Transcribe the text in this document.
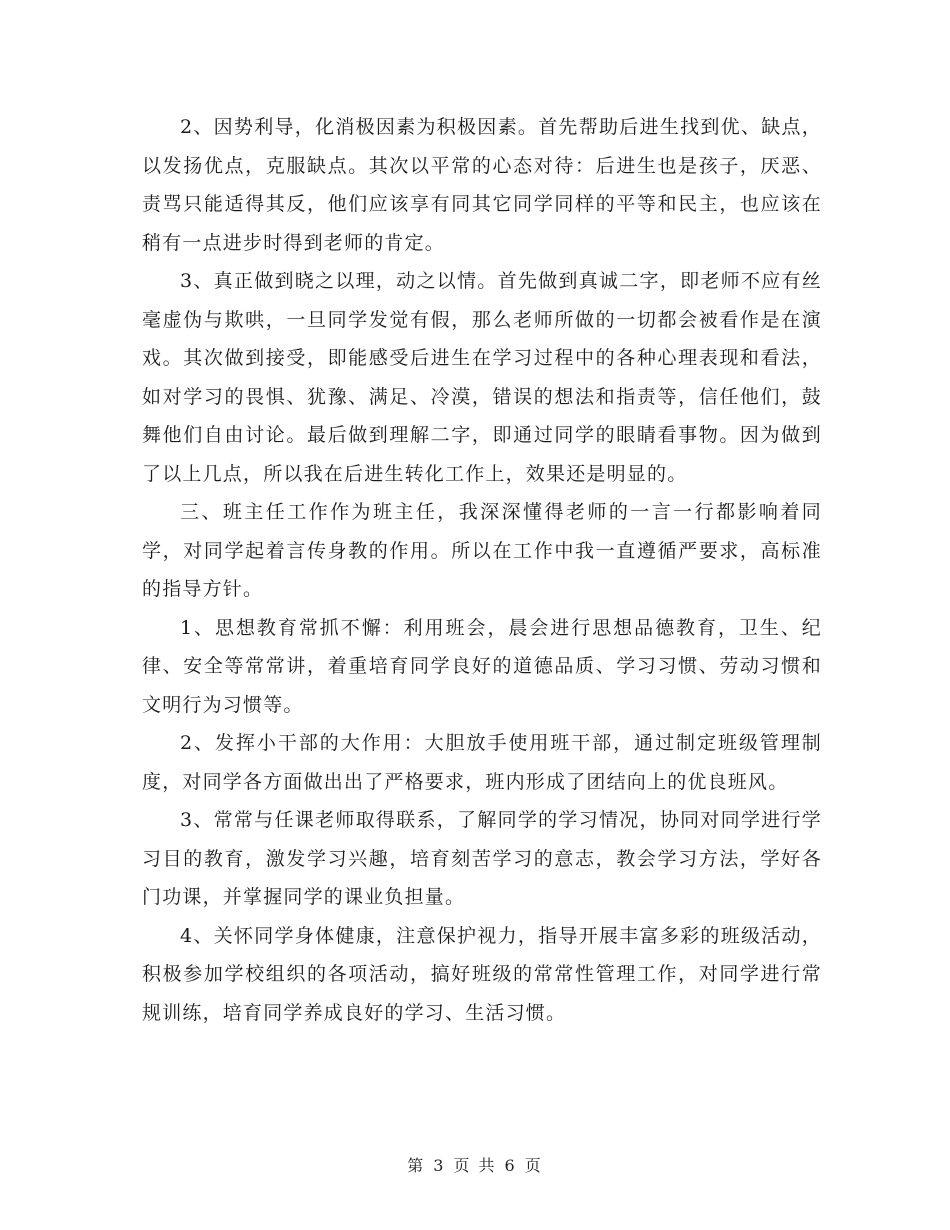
2、因势利导，化消极因素为积极因素。首先帮助后进生找到优、缺点，以发扬优点，克服缺点。其次以平常的心态对待：后进生也是孩子，厌恶、责骂只能适得其反，他们应该享有同其它同学同样的平等和民主，也应该在稍有一点进步时得到老师的肯定。

3、真正做到晓之以理，动之以情。首先做到真诚二字，即老师不应有丝毫虚伪与欺哄，一旦同学发觉有假，那么老师所做的一切都会被看作是在演戏。其次做到接受，即能感受后进生在学习过程中的各种心理表现和看法，如对学习的畏惧、犹豫、满足、冷漠，错误的想法和指责等，信任他们，鼓舞他们自由讨论。最后做到理解二字，即通过同学的眼睛看事物。因为做到了以上几点，所以我在后进生转化工作上，效果还是明显的。

三、班主任工作作为班主任，我深深懂得老师的一言一行都影响着同学，对同学起着言传身教的作用。所以在工作中我一直遵循严要求，高标准的指导方针。

1、思想教育常抓不懈：利用班会，晨会进行思想品德教育，卫生、纪律、安全等常常讲，着重培育同学良好的道德品质、学习习惯、劳动习惯和文明行为习惯等。

2、发挥小干部的大作用：大胆放手使用班干部，通过制定班级管理制度，对同学各方面做出出了严格要求，班内形成了团结向上的优良班风。

3、常常与任课老师取得联系，了解同学的学习情况，协同对同学进行学习目的教育，激发学习兴趣，培育刻苦学习的意志，教会学习方法，学好各门功课，并掌握同学的课业负担量。

4、关怀同学身体健康，注意保护视力，指导开展丰富多彩的班级活动，积极参加学校组织的各项活动，搞好班级的常常性管理工作，对同学进行常规训练，培育同学养成良好的学习、生活习惯。

第 3 页 共 6 页
